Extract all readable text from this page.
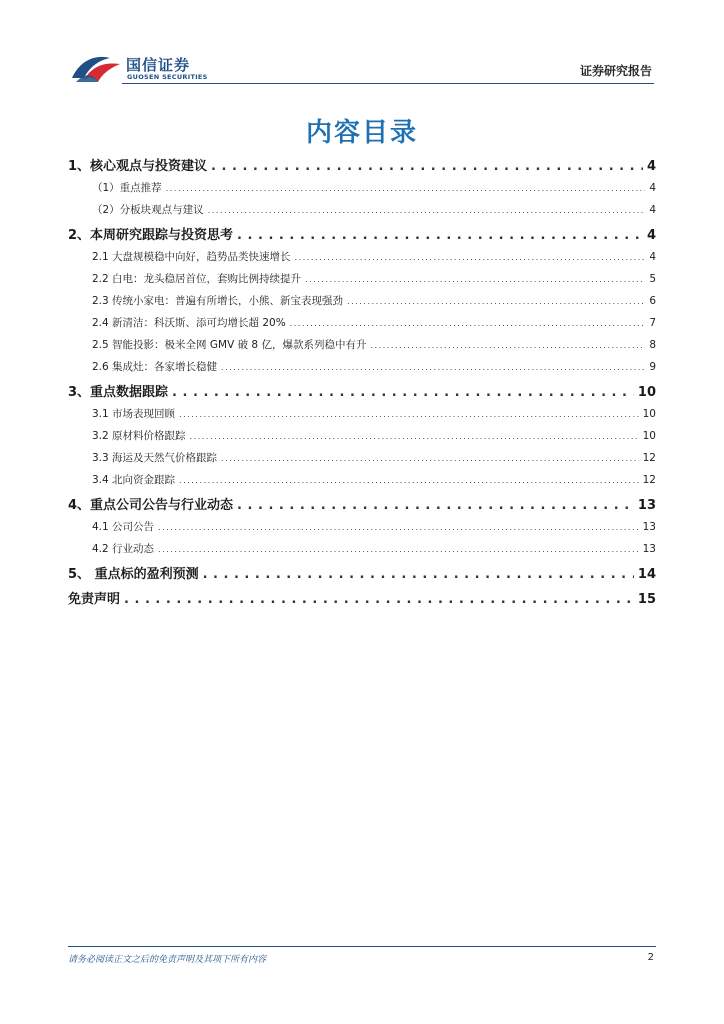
国信证券
GUOSEN SECURITIES	证券研究报告
内容目录
1、核心观点与投资建议 . . .	4
（1）重点推荐 . . .	4
（2）分板块观点与建议 . . .	4
2、本周研究跟踪与投资思考 . . .	4
2.1 大盘规模稳中向好，趋势品类快速增长 . . .	4
2.2 白电：龙头稳居首位，套购比例持续提升 . . .	5
2.3 传统小家电：普遍有所增长，小熊、新宝表现强劲 . . .	6
2.4 新清洁：科沃斯、添可均增长超 20% . . .	7
2.5 智能投影：极米全网 GMV 破 8 亿，爆款系列稳中有升 . . .	8
2.6 集成灶：各家增长稳健 . . .	9
3、重点数据跟踪 . . .	10
3.1 市场表现回顾 . . .	10
3.2 原材料价格跟踪 . . .	10
3.3 海运及天然气价格跟踪 . . .	12
3.4 北向资金跟踪 . . .	12
4、重点公司公告与行业动态 . . .	13
4.1 公司公告 . . .	13
4.2 行业动态 . . .	13
5、 重点标的盈利预测 . . .	14
免责声明 . . .	15
请务必阅读正文之后的免责声明及其项下所有内容	2
